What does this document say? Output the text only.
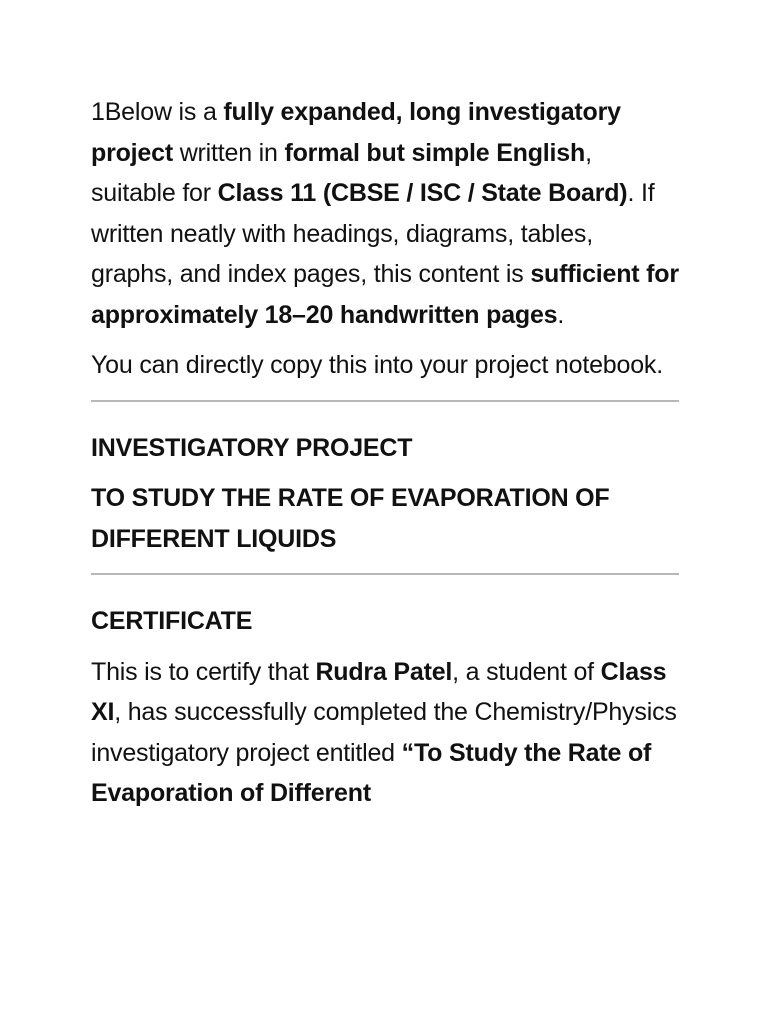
1Below is a fully expanded, long investigatory project written in formal but simple English, suitable for Class 11 (CBSE / ISC / State Board). If written neatly with headings, diagrams, tables, graphs, and index pages, this content is sufficient for approximately 18–20 handwritten pages.

You can directly copy this into your project notebook.

INVESTIGATORY PROJECT

TO STUDY THE RATE OF EVAPORATION OF DIFFERENT LIQUIDS

CERTIFICATE

This is to certify that Rudra Patel, a student of Class XI, has successfully completed the Chemistry/Physics investigatory project entitled “To Study the Rate of Evaporation of Different
